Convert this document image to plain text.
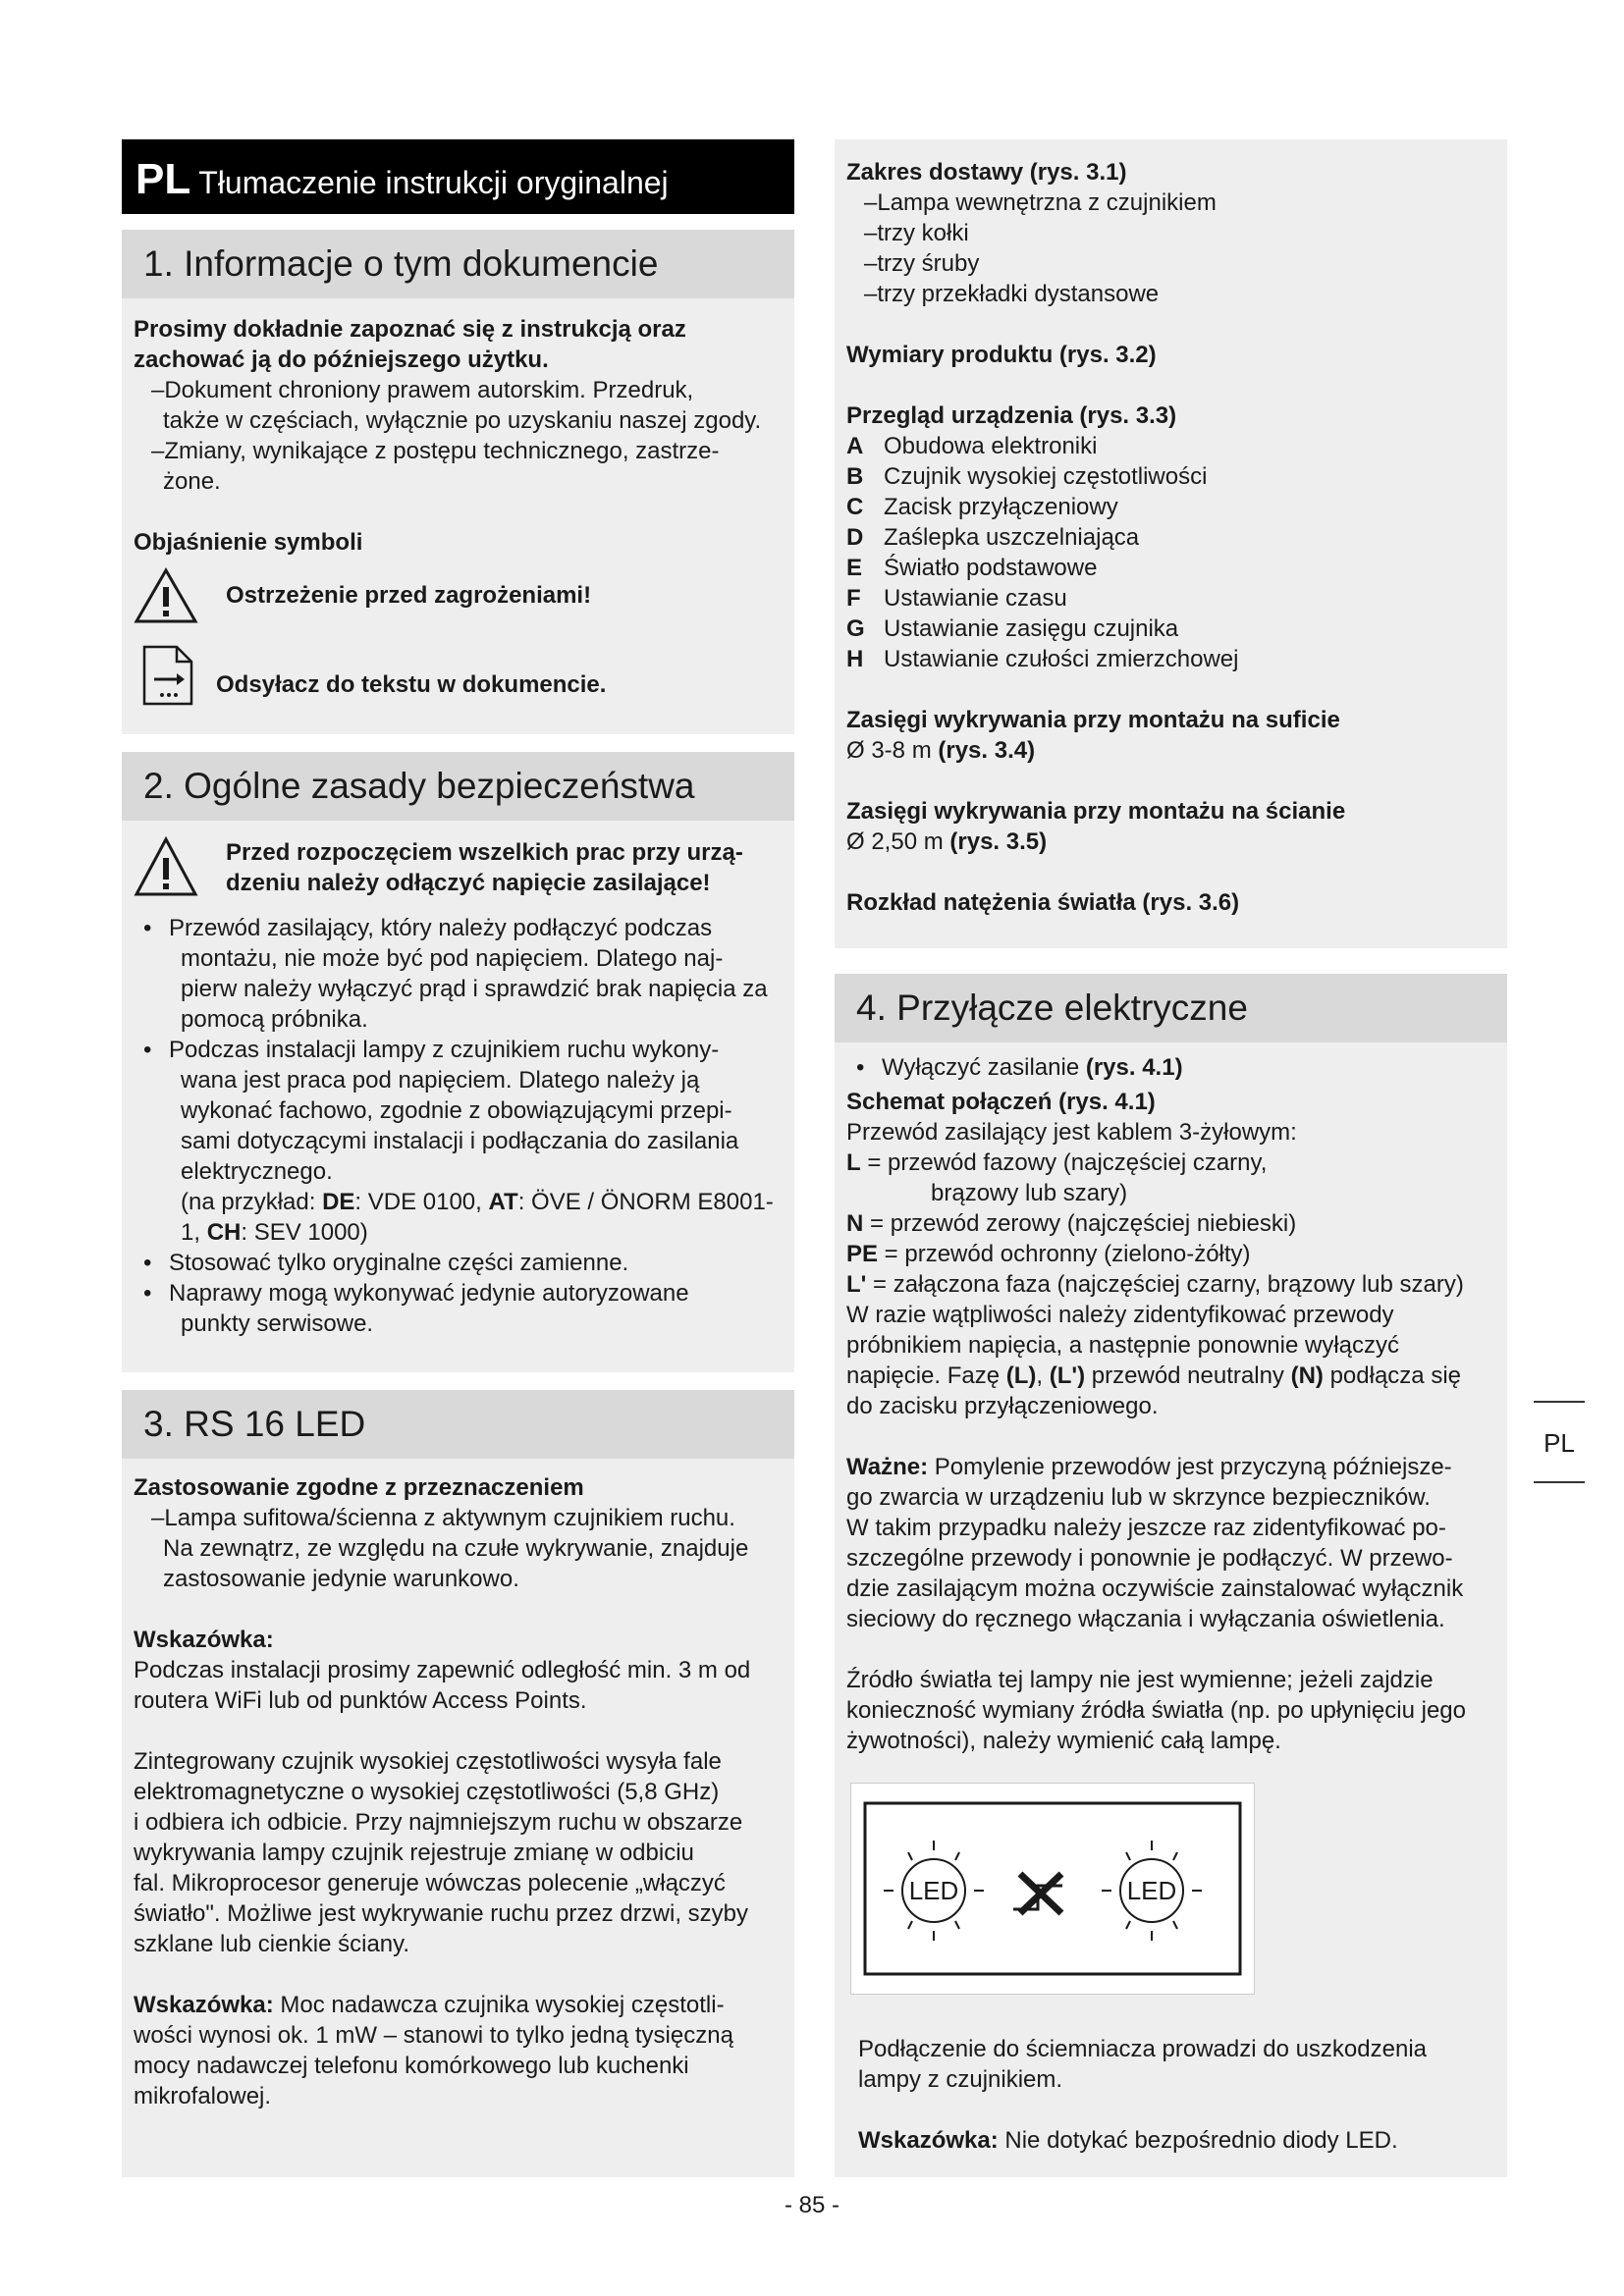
PL Tłumaczenie instrukcji oryginalnej
1. Informacje o tym dokumencie

Prosimy dokładnie zapoznać się z instrukcją oraz

zachować ją do późniejszego użytku.

–Dokument chroniony prawem autorskim. Przedruk,

także w częściach, wyłącznie po uzyskaniu naszej zgody.

–Zmiany, wynikające z postępu technicznego, zastrze-

żone.

Objaśnienie symboli

Ostrzeżenie przed zagrożeniami!
Odsyłacz do tekstu w dokumencie.
2. Ogólne zasady bezpieczeństwa

Przed rozpoczęciem wszelkich prac przy urzą-

dzeniu należy odłączyć napięcie zasilające!

• Przewód zasilający, który należy podłączyć podczas

montażu, nie może być pod napięciem. Dlatego naj-

pierw należy wyłączyć prąd i sprawdzić brak napięcia za

pomocą próbnika.

• Podczas instalacji lampy z czujnikiem ruchu wykony-

wana jest praca pod napięciem. Dlatego należy ją

wykonać fachowo, zgodnie z obowiązującymi przepi-

sami dotyczącymi instalacji i podłączania do zasilania

elektrycznego.

(na przykład: DE: VDE 0100, AT: ÖVE / ÖNORM E8001-

1, CH: SEV 1000)

• Stosować tylko oryginalne części zamienne.

• Naprawy mogą wykonywać jedynie autoryzowane

punkty serwisowe.

3. RS 16 LED

Zastosowanie zgodne z przeznaczeniem

–Lampa sufitowa/ścienna z aktywnym czujnikiem ruchu.

Na zewnątrz, ze względu na czułe wykrywanie, znajduje

zastosowanie jedynie warunkowo.

Wskazówka:

Podczas instalacji prosimy zapewnić odległość min. 3 m od

routera WiFi lub od punktów Access Points.

Zintegrowany czujnik wysokiej częstotliwości wysyła fale

elektromagnetyczne o wysokiej częstotliwości (5,8 GHz)

i odbiera ich odbicie. Przy najmniejszym ruchu w obszarze

wykrywania lampy czujnik rejestruje zmianę w odbiciu

fal. Mikroprocesor generuje wówczas polecenie „włączyć

światło". Możliwe jest wykrywanie ruchu przez drzwi, szyby

szklane lub cienkie ściany.

Wskazówka: Moc nadawcza czujnika wysokiej częstotli-

wości wynosi ok. 1 mW – stanowi to tylko jedną tysięczną

mocy nadawczej telefonu komórkowego lub kuchenki

mikrofalowej.

Zakres dostawy (rys. 3.1)

–Lampa wewnętrzna z czujnikiem

–trzy kołki

–trzy śruby

–trzy przekładki dystansowe

Wymiary produktu (rys. 3.2)

Przegląd urządzenia (rys. 3.3)

A Obudowa elektroniki
B Czujnik wysokiej częstotliwości
C Zacisk przyłączeniowy
D Zaślepka uszczelniająca
E Światło podstawowe
F Ustawianie czasu
G Ustawianie zasięgu czujnika
H Ustawianie czułości zmierzchowej

Zasięgi wykrywania przy montażu na suficie

Ø 3-8 m (rys. 3.4)

Zasięgi wykrywania przy montażu na ścianie

Ø 2,50 m (rys. 3.5)

Rozkład natężenia światła (rys. 3.6)

4. Przyłącze elektryczne

• Wyłączyć zasilanie (rys. 4.1)

Schemat połączeń (rys. 4.1)

Przewód zasilający jest kablem 3-żyłowym:

L = przewód fazowy (najczęściej czarny,

brązowy lub szary)

N = przewód zerowy (najczęściej niebieski)

PE = przewód ochronny (zielono-żółty)

L' = załączona faza (najczęściej czarny, brązowy lub szary)

W razie wątpliwości należy zidentyfikować przewody

próbnikiem napięcia, a następnie ponownie wyłączyć

napięcie. Fazę (L), (L') przewód neutralny (N) podłącza się

do zacisku przyłączeniowego.

Ważne: Pomylenie przewodów jest przyczyną późniejsze-

go zwarcia w urządzeniu lub w skrzynce bezpieczników.

W takim przypadku należy jeszcze raz zidentyfikować po-

szczególne przewody i ponownie je podłączyć. W przewo-

dzie zasilającym można oczywiście zainstalować wyłącznik

sieciowy do ręcznego włączania i wyłączania oświetlenia.

Źródło światła tej lampy nie jest wymienne; jeżeli zajdzie

konieczność wymiany źródła światła (np. po upłynięciu jego

żywotności), należy wymienić całą lampę.

Podłączenie do ściemniacza prowadzi do uszkodzenia

lampy z czujnikiem.

Wskazówka: Nie dotykać bezpośrednio diody LED.

LED	LED
PL
- 85 -
